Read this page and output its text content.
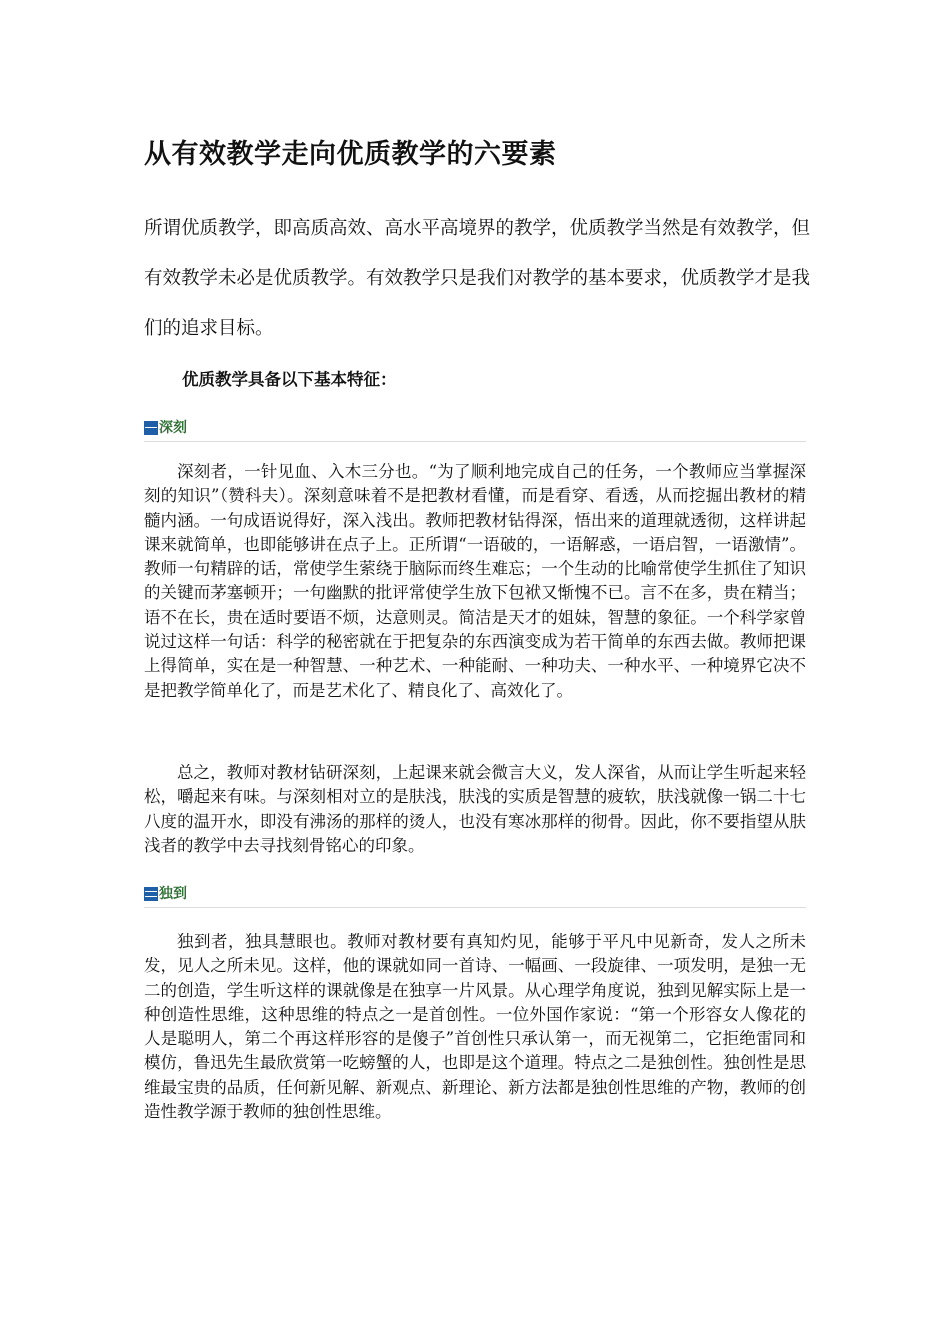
从有效教学走向优质教学的六要素

所谓优质教学，即高质高效、高水平高境界的教学，优质教学当然是有效教学，但有效教学未必是优质教学。有效教学只是我们对教学的基本要求，优质教学才是我们的追求目标。

优质教学具备以下基本特征：

深刻

深刻者，一针见血、入木三分也。“为了顺利地完成自己的任务，一个教师应当掌握深刻的知识”（赞科夫）。深刻意味着不是把教材看懂，而是看穿、看透，从而挖掘出教材的精髓内涵。一句成语说得好，深入浅出。教师把教材钻得深，悟出来的道理就透彻，这样讲起课来就简单，也即能够讲在点子上。正所谓“一语破的，一语解惑，一语启智，一语激情”。教师一句精辟的话，常使学生萦绕于脑际而终生难忘；一个生动的比喻常使学生抓住了知识的关键而茅塞顿开；一句幽默的批评常使学生放下包袱又惭愧不已。言不在多，贵在精当；语不在长，贵在适时要语不烦，达意则灵。简洁是天才的姐妹，智慧的象征。一个科学家曾说过这样一句话：科学的秘密就在于把复杂的东西演变成为若干简单的东西去做。教师把课上得简单，实在是一种智慧、一种艺术、一种能耐、一种功夫、一种水平、一种境界它决不是把教学简单化了，而是艺术化了、精良化了、高效化了。

总之，教师对教材钻研深刻，上起课来就会微言大义，发人深省，从而让学生听起来轻松，嚼起来有味。与深刻相对立的是肤浅，肤浅的实质是智慧的疲软，肤浅就像一锅二十七八度的温开水，即没有沸汤的那样的烫人，也没有寒冰那样的彻骨。因此，你不要指望从肤浅者的教学中去寻找刻骨铭心的印象。

独到

独到者，独具慧眼也。教师对教材要有真知灼见，能够于平凡中见新奇，发人之所未发，见人之所未见。这样，他的课就如同一首诗、一幅画、一段旋律、一项发明，是独一无二的创造，学生听这样的课就像是在独享一片风景。从心理学角度说，独到见解实际上是一种创造性思维，这种思维的特点之一是首创性。一位外国作家说：“第一个形容女人像花的人是聪明人，第二个再这样形容的是傻子”首创性只承认第一，而无视第二，它拒绝雷同和模仿，鲁迅先生最欣赏第一吃螃蟹的人，也即是这个道理。特点之二是独创性。独创性是思维最宝贵的品质，任何新见解、新观点、新理论、新方法都是独创性思维的产物，教师的创造性教学源于教师的独创性思维。
